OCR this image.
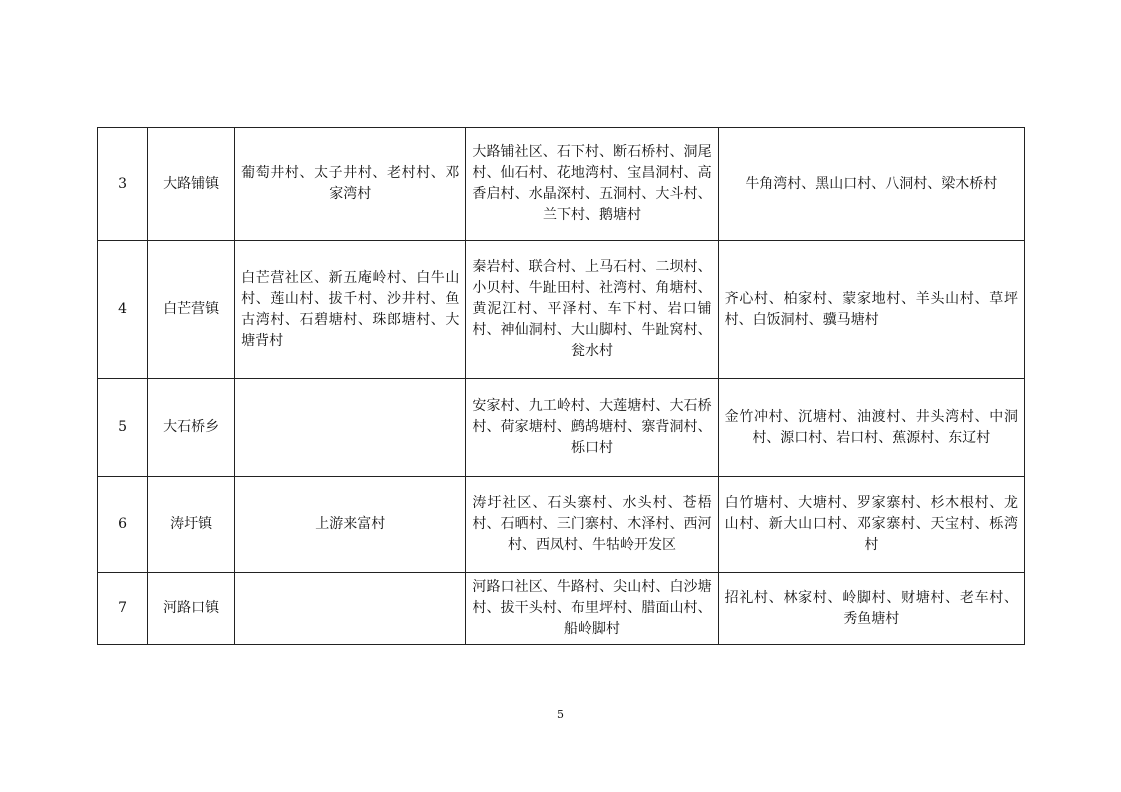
3	大路铺镇	葡萄井村、太子井村、老村村、邓家湾村	大路铺社区、石下村、断石桥村、洞尾村、仙石村、花地湾村、宝昌洞村、高香启村、水晶深村、五洞村、大斗村、兰下村、鹅塘村	牛角湾村、黑山口村、八洞村、梁木桥村
4	白芒营镇	白芒营社区、新五庵岭村、白牛山村、莲山村、拔千村、沙井村、鱼古湾村、石碧塘村、珠郎塘村、大塘背村	秦岩村、联合村、上马石村、二坝村、小贝村、牛趾田村、社湾村、角塘村、黄泥江村、平泽村、车下村、岩口铺村、神仙洞村、大山脚村、牛趾窝村、瓮水村	齐心村、柏家村、蒙家地村、羊头山村、草坪村、白饭洞村、骥马塘村
5	大石桥乡		安家村、九工岭村、大莲塘村、大石桥村、荷家塘村、鹧鸪塘村、寨背洞村、栎口村	金竹冲村、沉塘村、油渡村、井头湾村、中洞村、源口村、岩口村、蕉源村、东辽村
6	涛圩镇	上游来富村	涛圩社区、石头寨村、水头村、苍梧村、石晒村、三门寨村、木泽村、西河村、西凤村、牛牯岭开发区	白竹塘村、大塘村、罗家寨村、杉木根村、龙山村、新大山口村、邓家寨村、天宝村、栎湾村
7	河路口镇		河路口社区、牛路村、尖山村、白沙塘村、拔干头村、布里坪村、腊面山村、船岭脚村	招礼村、林家村、岭脚村、财塘村、老车村、秀鱼塘村
5
